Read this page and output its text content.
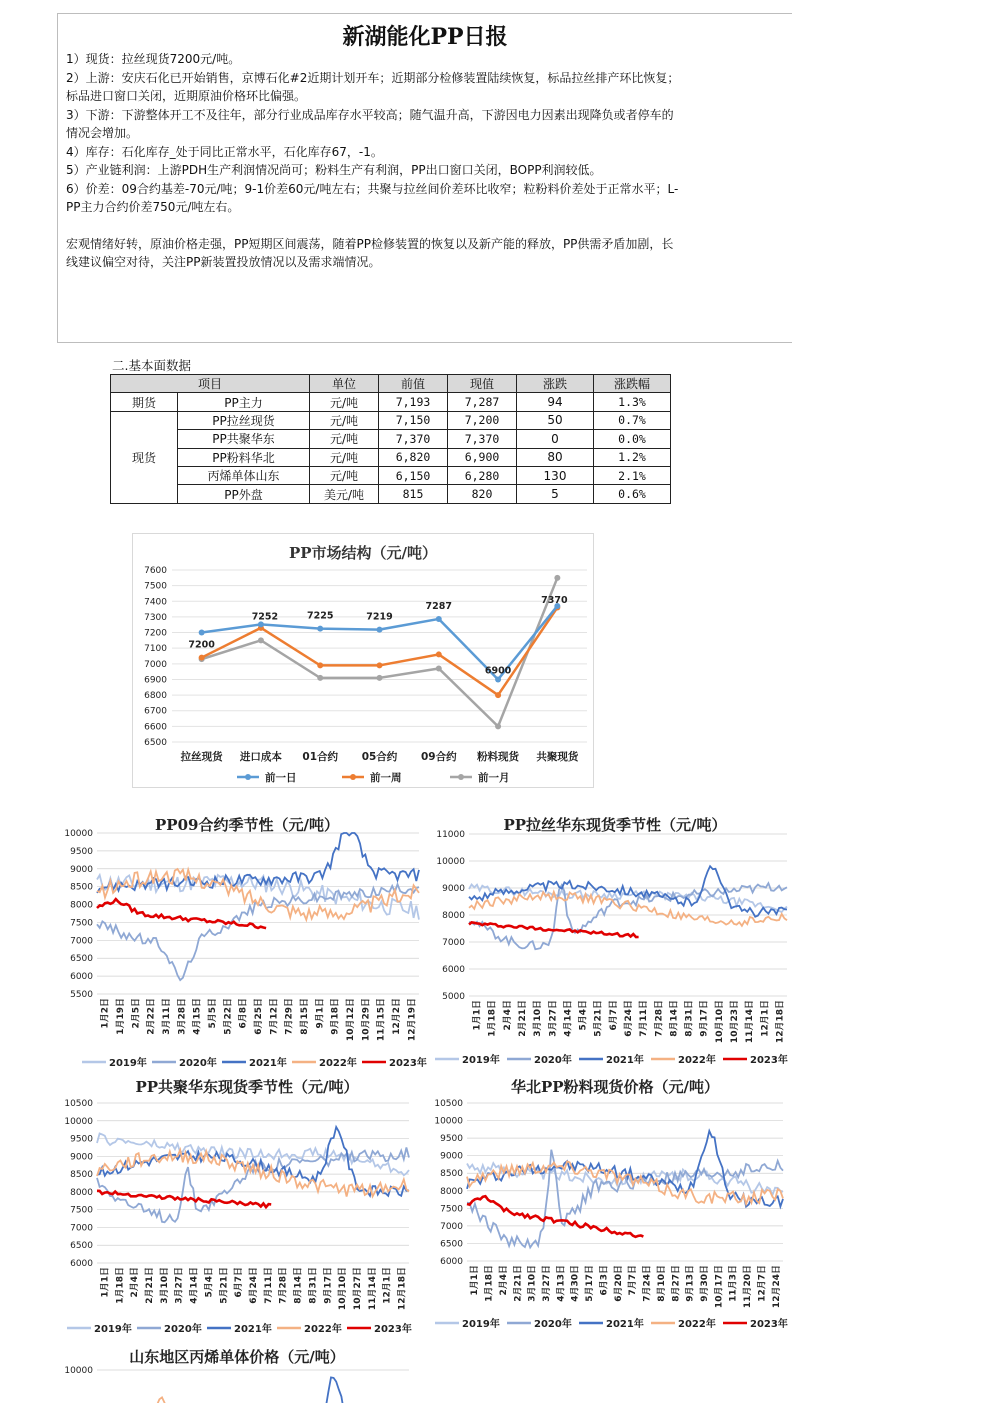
新湖能化PP日报

1）现货：拉丝现货7200元/吨。

2）上游：安庆石化已开始销售，京博石化#2近期计划开车；近期部分检修装置陆续恢复，标品拉丝排产环比恢复；

标品进口窗口关闭，近期原油价格环比偏强。

3）下游：下游整体开工不及往年，部分行业成品库存水平较高；随气温升高，下游因电力因素出现降负或者停车的

情况会增加。

4）库存：石化库存_处于同比正常水平，石化库存67，-1。

5）产业链利润：上游PDH生产利润情况尚可；粉料生产有利润，PP出口窗口关闭，BOPP利润较低。

6）价差：09合约基差-70元/吨；9-1价差60元/吨左右；共聚与拉丝间价差环比收窄；粒粉料价差处于正常水平；L-

PP主力合约价差750元/吨左右。

宏观情绪好转，原油价格走强，PP短期区间震荡，随着PP检修装置的恢复以及新产能的释放，PP供需矛盾加剧，长

线建议偏空对待，关注PP新装置投放情况以及需求端情况。

二.基本面数据
项目		单位	前值	现值	涨跌	涨跌幅
期货	PP主力	元/吨	7,193	7,287	94	1.3%
现货	PP拉丝现货	元/吨	7,150	7,200	50	0.7%
	PP共聚华东	元/吨	7,370	7,370	0	0.0%
	PP粉料华北	元/吨	6,820	6,900	80	1.2%
	丙烯单体山东	元/吨	6,150	6,280	130	2.1%
	PP外盘	美元/吨	815	820	5	0.6%
PP市场结构（元/吨）
7600
7500
7400
7300
7200
7100
7000
6900
6800
6700
6600
6500
拉丝现货 进口成本 01合约 05合约 09合约 粉料现货 共聚现货
7200
7252	7225	7219
7287
6900
7370
前一日	前一周	前一月
PP09合约季节性（元/吨）
10000
9500
9000
8500
8000
7500
7000
6500
6000
5500
1月2日 1月19日 2月5日 2月22日 3月11日 3月28日 4月15日 5月5日 5月22日 6月8日 6月25日 7月12日 7月29日 8月15日 9月1日 9月18日 10月12日 10月29日 11月15日 12月2日 12月19日
2019年	2020年	2021年	2022年	2023年
PP拉丝华东现货季节性（元/吨）
11000
10000
9000
8000
7000
6000
5000
1月1日 1月18日 2月4日 2月21日 3月10日 3月27日 4月14日 5月4日 5月21日 6月7日 6月24日 7月11日 7月28日 8月14日 8月31日 9月17日 10月10日 10月23日 11月14日 12月1日 12月18日
2019年	2020年	2021年	2022年	2023年
PP共聚华东现货季节性（元/吨）
10500
10000
9500
9000
8500
8000
7500
7000
6500
6000
1月1日 1月18日 2月4日 2月21日 3月10日 3月27日 4月14日 5月4日 5月21日 6月7日 6月24日 7月11日 7月28日 8月14日 8月31日 9月17日 10月10日 10月27日 11月14日 12月1日 12月18日
2019年	2020年	2021年	2022年	2023年
华北PP粉料现货价格（元/吨）
10500
10000
9500
9000
8500
8000
7500
7000
6500
6000
1月1日 1月18日 2月4日 2月21日 3月10日 3月27日 4月13日 4月30日 5月17日 6月3日 6月20日 7月7日 7月24日 8月10日 8月27日 9月13日 9月30日 10月17日 11月3日 11月20日 12月7日 12月24日
2019年	2020年	2021年	2022年	2023年
山东地区丙烯单体价格（元/吨）
10000
